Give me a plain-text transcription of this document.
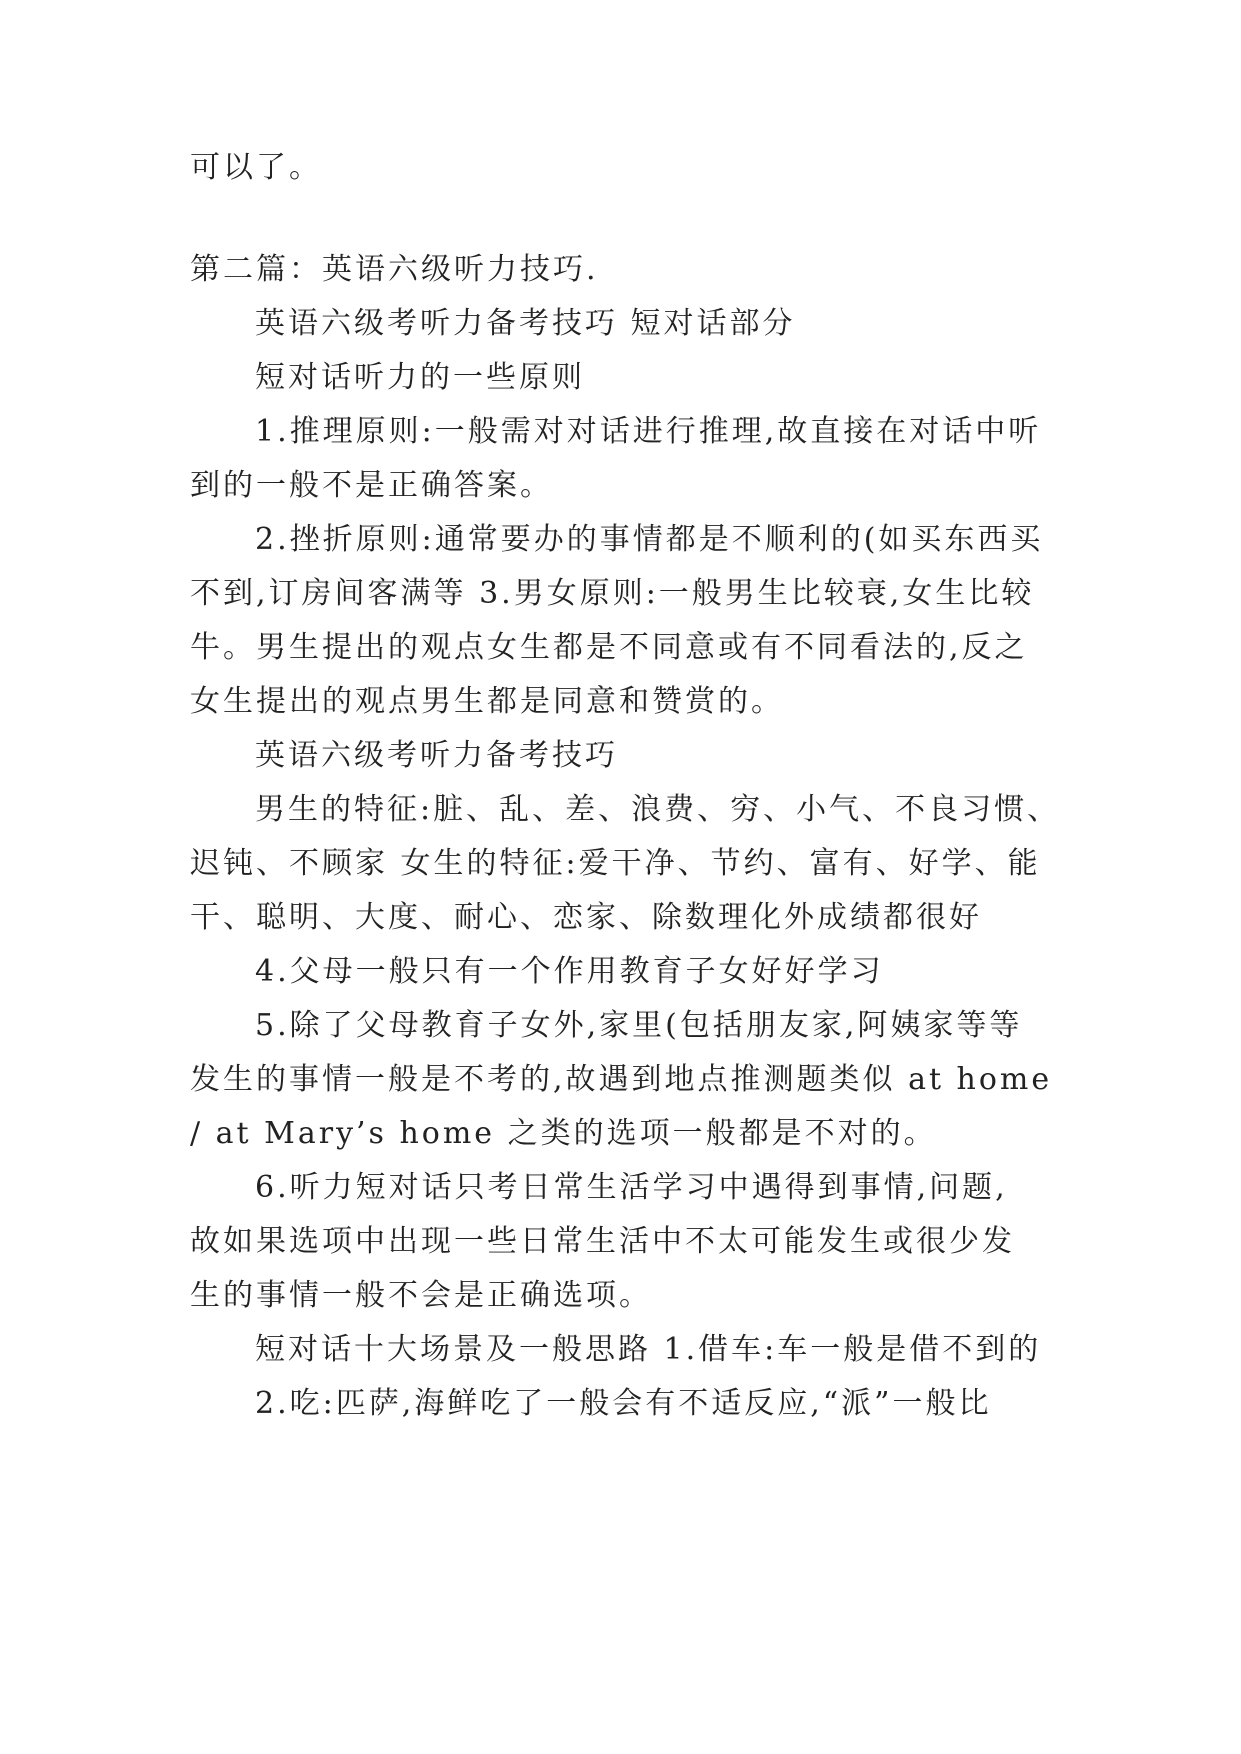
可以了。
第二篇：英语六级听力技巧.
英语六级考听力备考技巧 短对话部分
短对话听力的一些原则
1.推理原则:一般需对对话进行推理,故直接在对话中听
到的一般不是正确答案。
2.挫折原则:通常要办的事情都是不顺利的(如买东西买
不到,订房间客满等 3.男女原则:一般男生比较衰,女生比较
牛。男生提出的观点女生都是不同意或有不同看法的,反之
女生提出的观点男生都是同意和赞赏的。
英语六级考听力备考技巧
男生的特征:脏、乱、差、浪费、穷、小气、不良习惯、
迟钝、不顾家 女生的特征:爱干净、节约、富有、好学、能
干、聪明、大度、耐心、恋家、除数理化外成绩都很好
4.父母一般只有一个作用教育子女好好学习
5.除了父母教育子女外,家里(包括朋友家,阿姨家等等
发生的事情一般是不考的,故遇到地点推测题类似 at home
/ at Mary’s home 之类的选项一般都是不对的。
6.听力短对话只考日常生活学习中遇得到事情,问题,
故如果选项中出现一些日常生活中不太可能发生或很少发
生的事情一般不会是正确选项。
短对话十大场景及一般思路 1.借车:车一般是借不到的
2.吃:匹萨,海鲜吃了一般会有不适反应,“派”一般比
